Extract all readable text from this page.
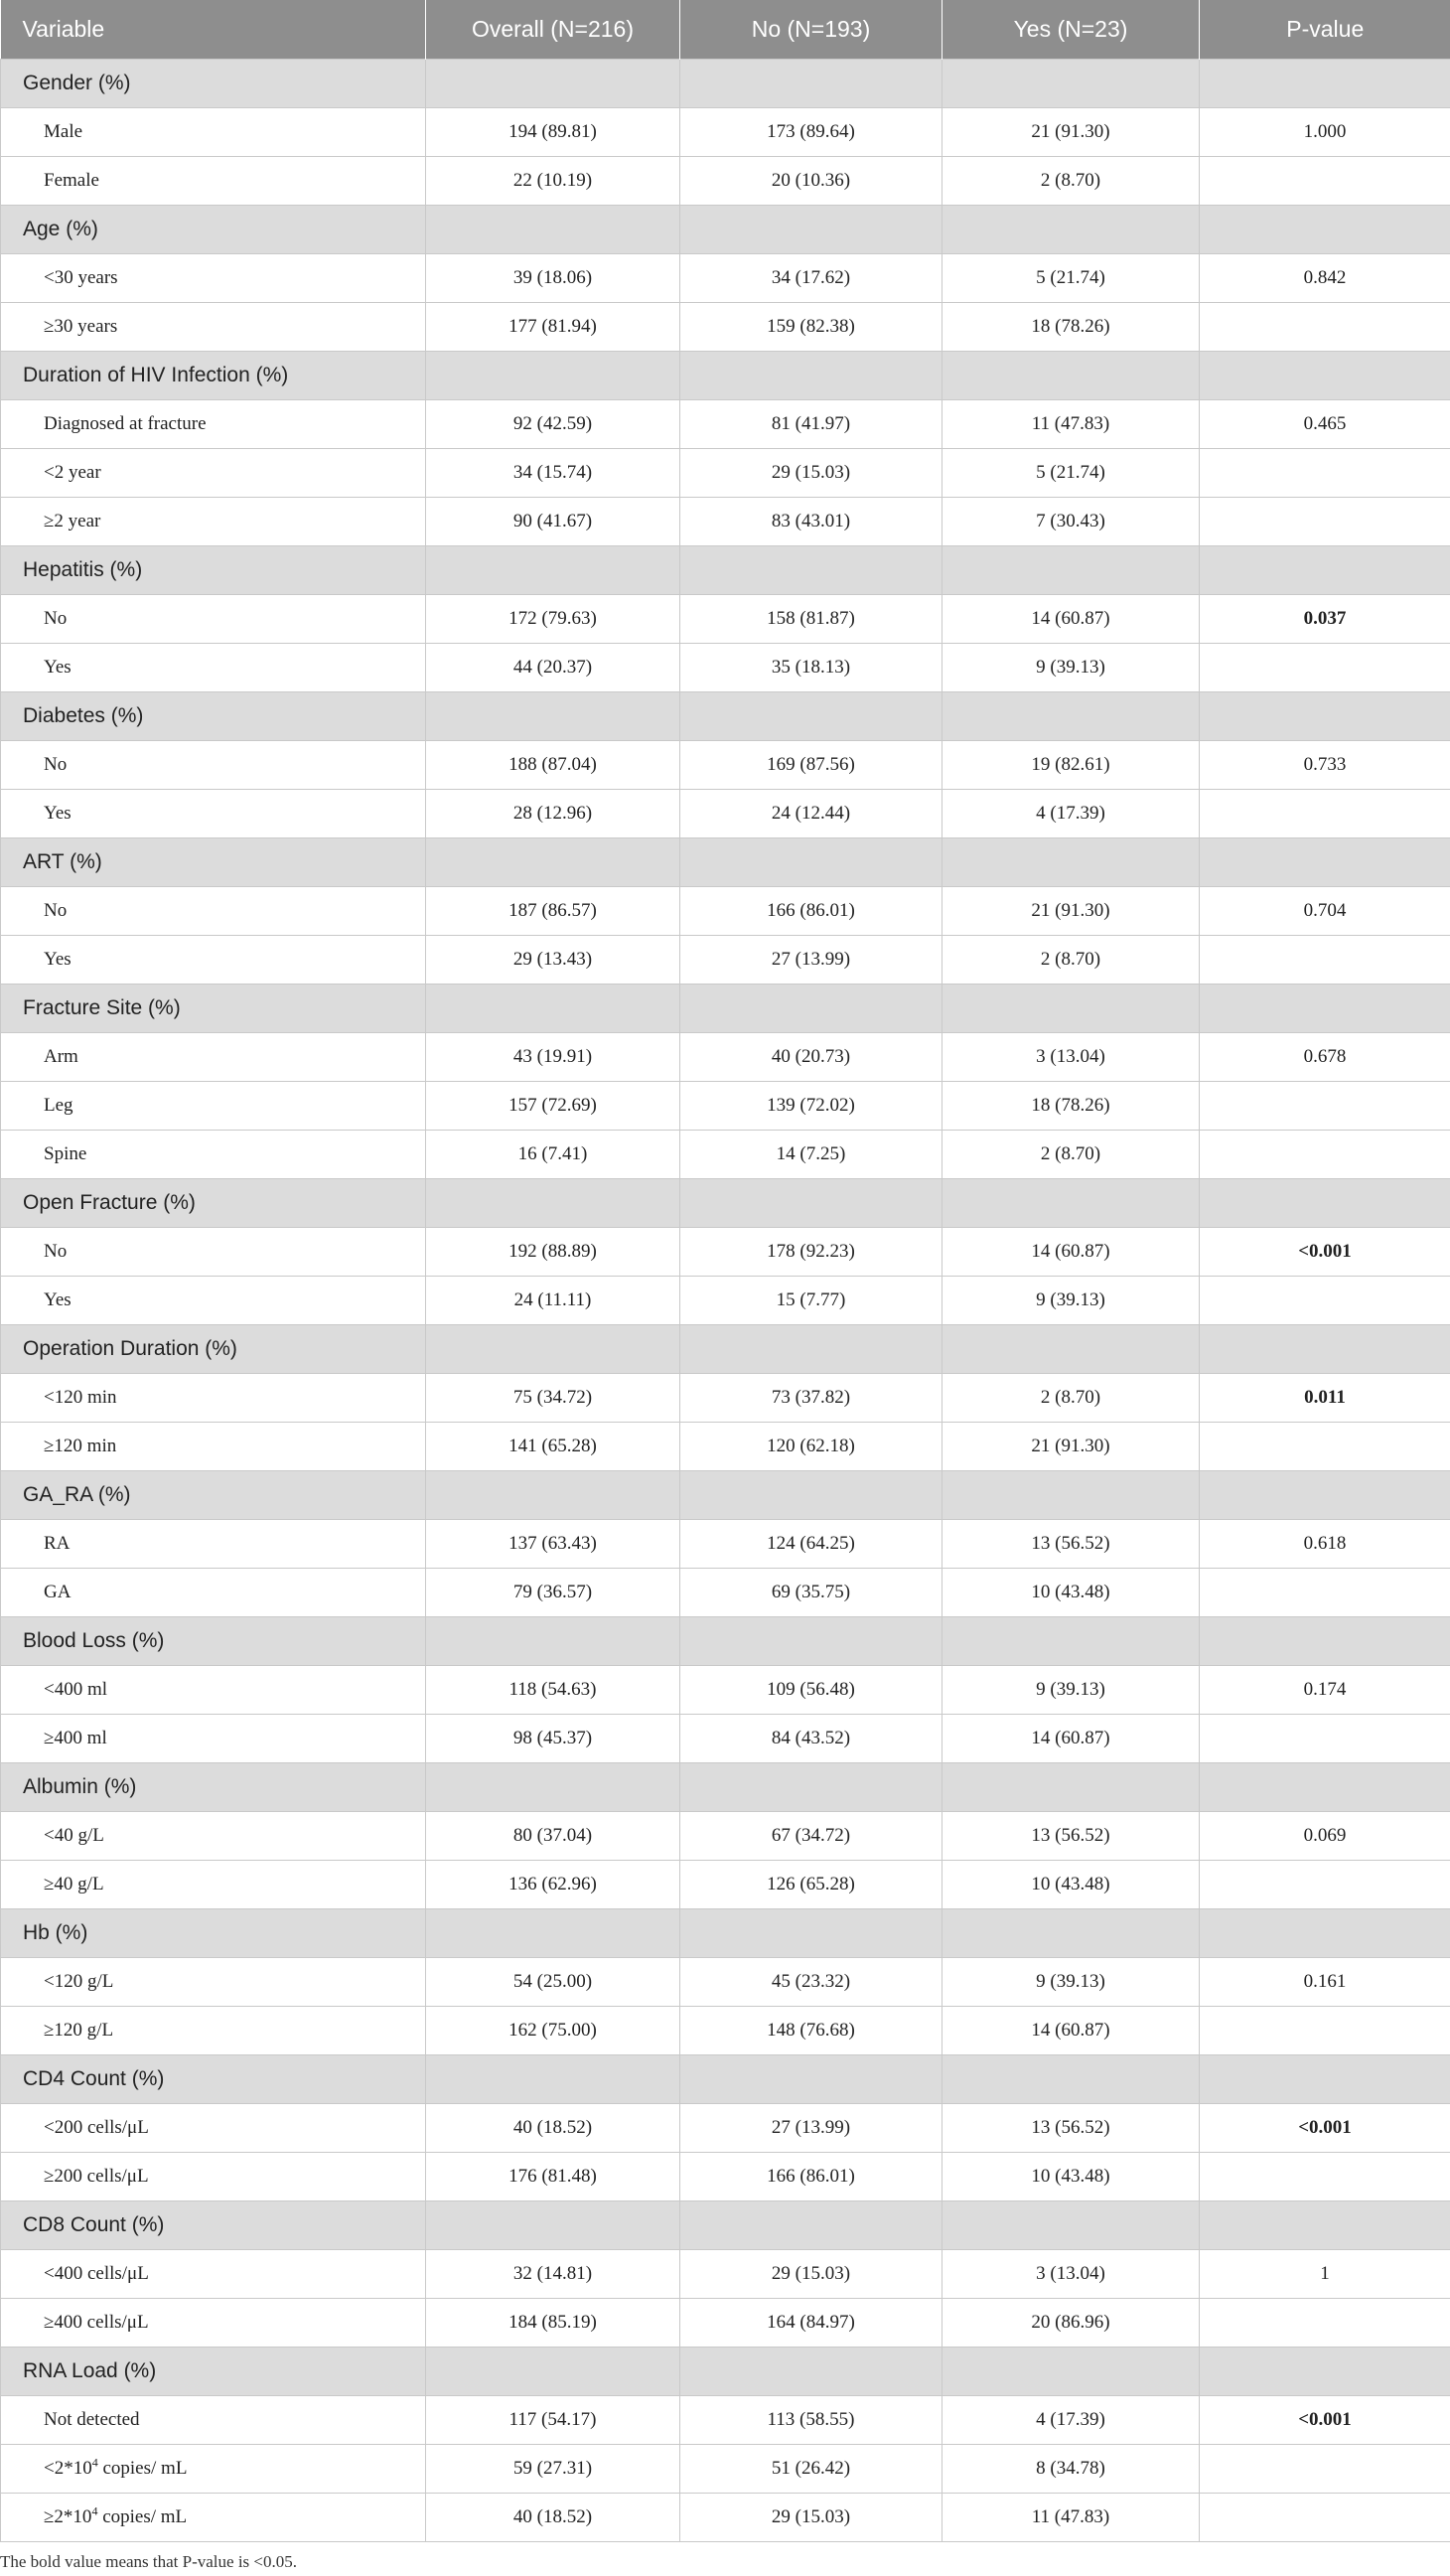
Variable	Overall (N=216)	No (N=193)	Yes (N=23)	P-value
Gender (%)				
Male	194 (89.81)	173 (89.64)	21 (91.30)	1.000
Female	22 (10.19)	20 (10.36)	2 (8.70)	
Age (%)				
<30 years	39 (18.06)	34 (17.62)	5 (21.74)	0.842
≥30 years	177 (81.94)	159 (82.38)	18 (78.26)	
Duration of HIV Infection (%)				
Diagnosed at fracture	92 (42.59)	81 (41.97)	11 (47.83)	0.465
<2 year	34 (15.74)	29 (15.03)	5 (21.74)	
≥2 year	90 (41.67)	83 (43.01)	7 (30.43)	
Hepatitis (%)				
No	172 (79.63)	158 (81.87)	14 (60.87)	0.037
Yes	44 (20.37)	35 (18.13)	9 (39.13)	
Diabetes (%)				
No	188 (87.04)	169 (87.56)	19 (82.61)	0.733
Yes	28 (12.96)	24 (12.44)	4 (17.39)	
ART (%)				
No	187 (86.57)	166 (86.01)	21 (91.30)	0.704
Yes	29 (13.43)	27 (13.99)	2 (8.70)	
Fracture Site (%)				
Arm	43 (19.91)	40 (20.73)	3 (13.04)	0.678
Leg	157 (72.69)	139 (72.02)	18 (78.26)	
Spine	16 (7.41)	14 (7.25)	2 (8.70)	
Open Fracture (%)				
No	192 (88.89)	178 (92.23)	14 (60.87)	<0.001
Yes	24 (11.11)	15 (7.77)	9 (39.13)	
Operation Duration (%)				
<120 min	75 (34.72)	73 (37.82)	2 (8.70)	0.011
≥120 min	141 (65.28)	120 (62.18)	21 (91.30)	
GA_RA (%)				
RA	137 (63.43)	124 (64.25)	13 (56.52)	0.618
GA	79 (36.57)	69 (35.75)	10 (43.48)	
Blood Loss (%)				
<400 ml	118 (54.63)	109 (56.48)	9 (39.13)	0.174
≥400 ml	98 (45.37)	84 (43.52)	14 (60.87)	
Albumin (%)				
<40 g/L	80 (37.04)	67 (34.72)	13 (56.52)	0.069
≥40 g/L	136 (62.96)	126 (65.28)	10 (43.48)	
Hb (%)				
<120 g/L	54 (25.00)	45 (23.32)	9 (39.13)	0.161
≥120 g/L	162 (75.00)	148 (76.68)	14 (60.87)	
CD4 Count (%)				
<200 cells/μL	40 (18.52)	27 (13.99)	13 (56.52)	<0.001
≥200 cells/μL	176 (81.48)	166 (86.01)	10 (43.48)	
CD8 Count (%)				
<400 cells/μL	32 (14.81)	29 (15.03)	3 (13.04)	1
≥400 cells/μL	184 (85.19)	164 (84.97)	20 (86.96)	
RNA Load (%)				
Not detected	117 (54.17)	113 (58.55)	4 (17.39)	<0.001
$<2*10^4$ copies/ mL	59 (27.31)	51 (26.42)	8 (34.78)	
$\ge 2*10^4$ copies/ mL	40 (18.52)	29 (15.03)	11 (47.83)	
The bold value means that P-value is <0.05.
